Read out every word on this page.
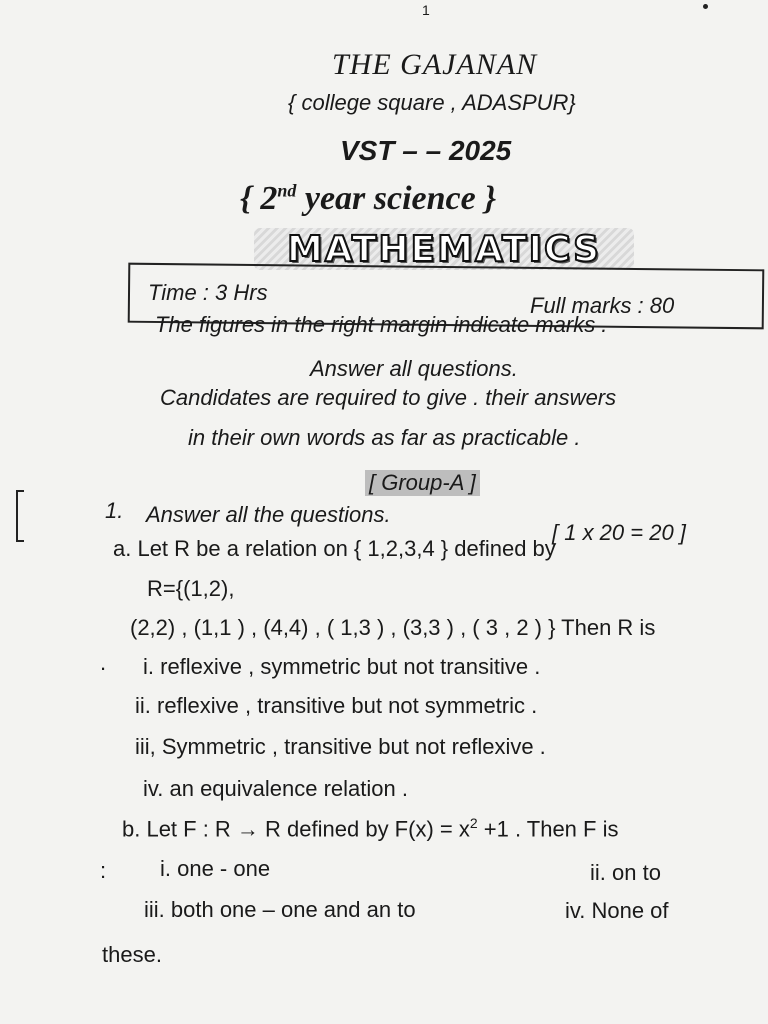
1
THE GAJANAN
{ college square , ADASPUR}
VST – – 2025
{ 2nd year science }
MATHEMATICS
Time : 3 Hrs
Full marks : 80
The figures in the right margin indicate marks .
Answer all questions.
Candidates are required to give . their answers
in their own words as far as practicable .
[ Group-A ]
1. Answer all the questions.
[ 1 x 20 = 20 ]
a. Let R be a relation on { 1,2,3,4 } defined by
R={(1,2),
(2,2) , (1,1 ) , (4,4) , ( 1,3 ) , (3,3 ) , ( 3 , 2 ) } Then R is
. i. reflexive , symmetric but not transitive .
ii. reflexive , transitive but not symmetric .
iii, Symmetric , transitive but not reflexive .
iv. an equivalence relation .
b. Let F : R → R defined by $F(x) = x^2 +1$ . Then F is
: i. one - one	ii. on to
iii. both one – one and an to	iv. None of
these.
